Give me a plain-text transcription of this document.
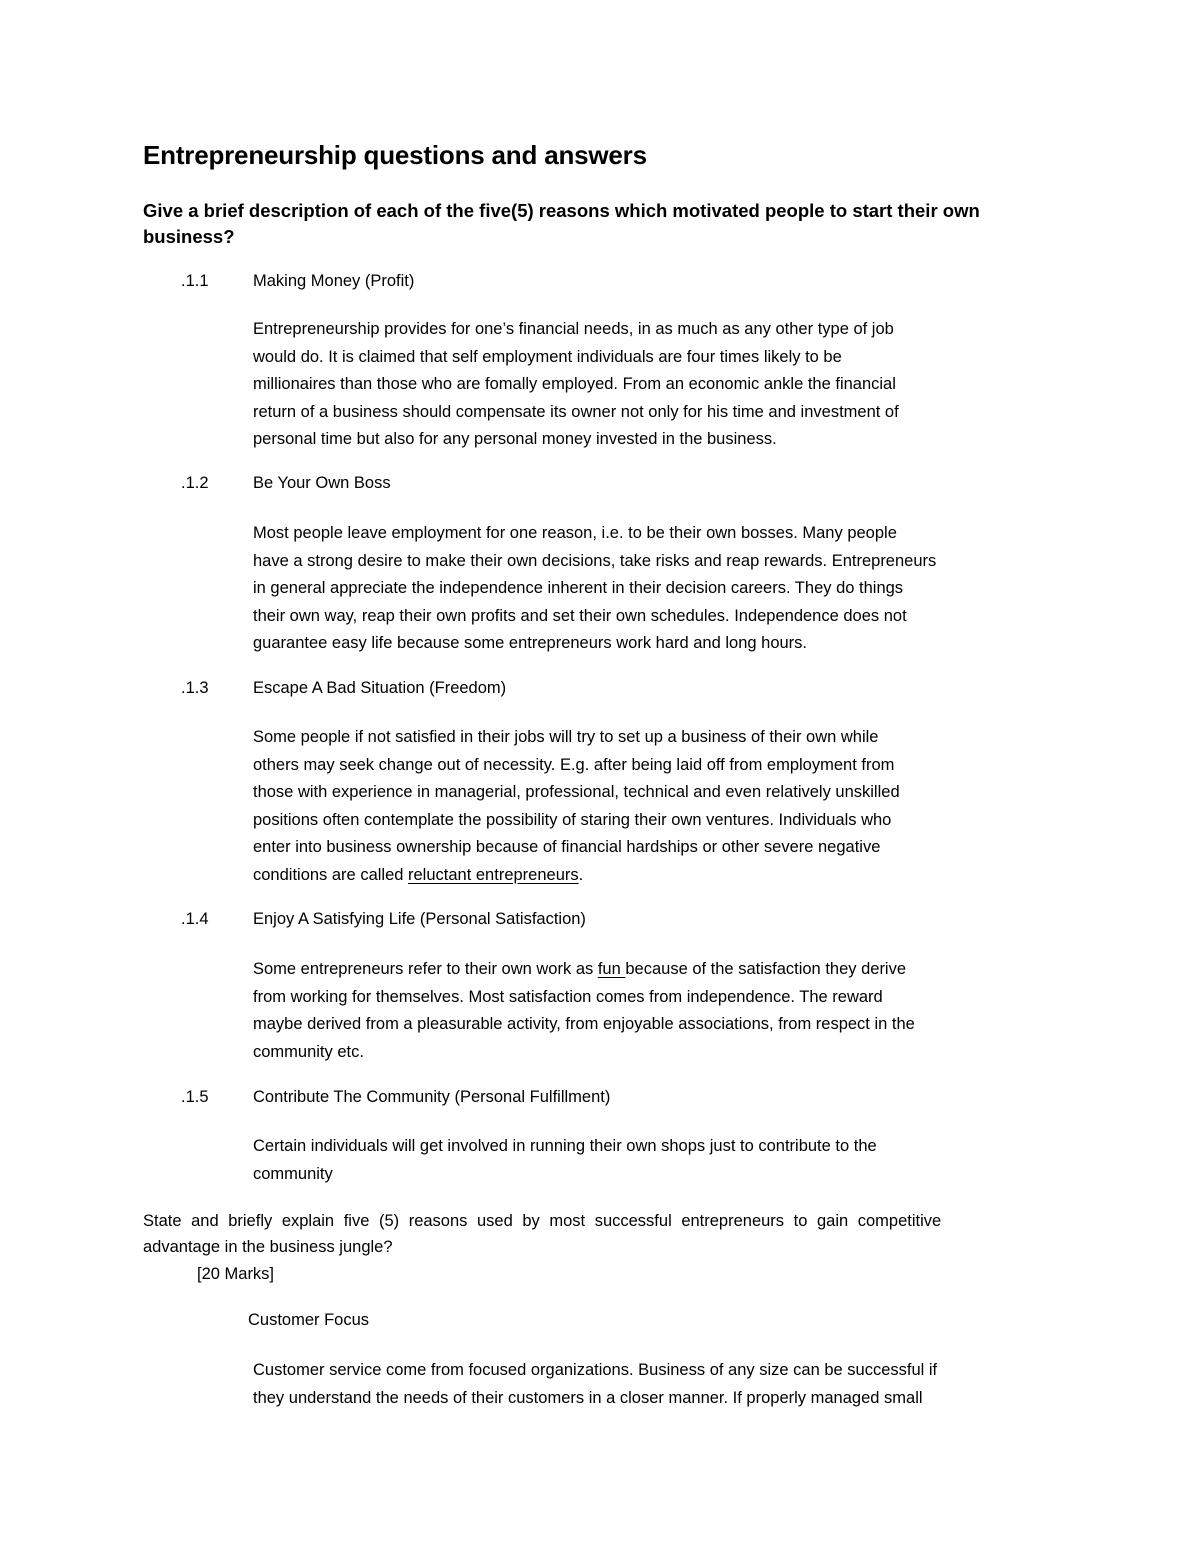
Entrepreneurship questions and answers
Give a brief description of each of the five(5) reasons which motivated people to start their own
business?
.1.1	Making Money (Profit)
Entrepreneurship provides for one’s financial needs, in as much as any other type of job
would do. It is claimed that self employment individuals are four times likely to be
millionaires than those who are fomally employed. From an economic ankle the financial
return of a business should compensate its owner not only for his time and investment of
personal time but also for any personal money invested in the business.
.1.2	Be Your Own Boss
Most people leave employment for one reason, i.e. to be their own bosses. Many people
have a strong desire to make their own decisions, take risks and reap rewards. Entrepreneurs
in general appreciate the independence inherent in their decision careers. They do things
their own way, reap their own profits and set their own schedules. Independence does not
guarantee easy life because some entrepreneurs work hard and long hours.
.1.3	Escape A Bad Situation (Freedom)
Some people if not satisfied in their jobs will try to set up a business of their own while
others may seek change out of necessity. E.g. after being laid off from employment from
those with experience in managerial, professional, technical and even relatively unskilled
positions often contemplate the possibility of staring their own ventures. Individuals who
enter into business ownership because of financial hardships or other severe negative
conditions are called reluctant entrepreneurs.
.1.4	Enjoy A Satisfying Life (Personal Satisfaction)
Some entrepreneurs refer to their own work as fun because of the satisfaction they derive
from working for themselves. Most satisfaction comes from independence. The reward
maybe derived from a pleasurable activity, from enjoyable associations, from respect in the
community etc.
.1.5	Contribute The Community (Personal Fulfillment)
Certain individuals will get involved in running their own shops just to contribute to the
community
State and briefly explain five (5) reasons used by most successful entrepreneurs to gain competitive
advantage in the business jungle?
[20 Marks]
Customer Focus
Customer service come from focused organizations. Business of any size can be successful if
they understand the needs of their customers in a closer manner. If properly managed small
